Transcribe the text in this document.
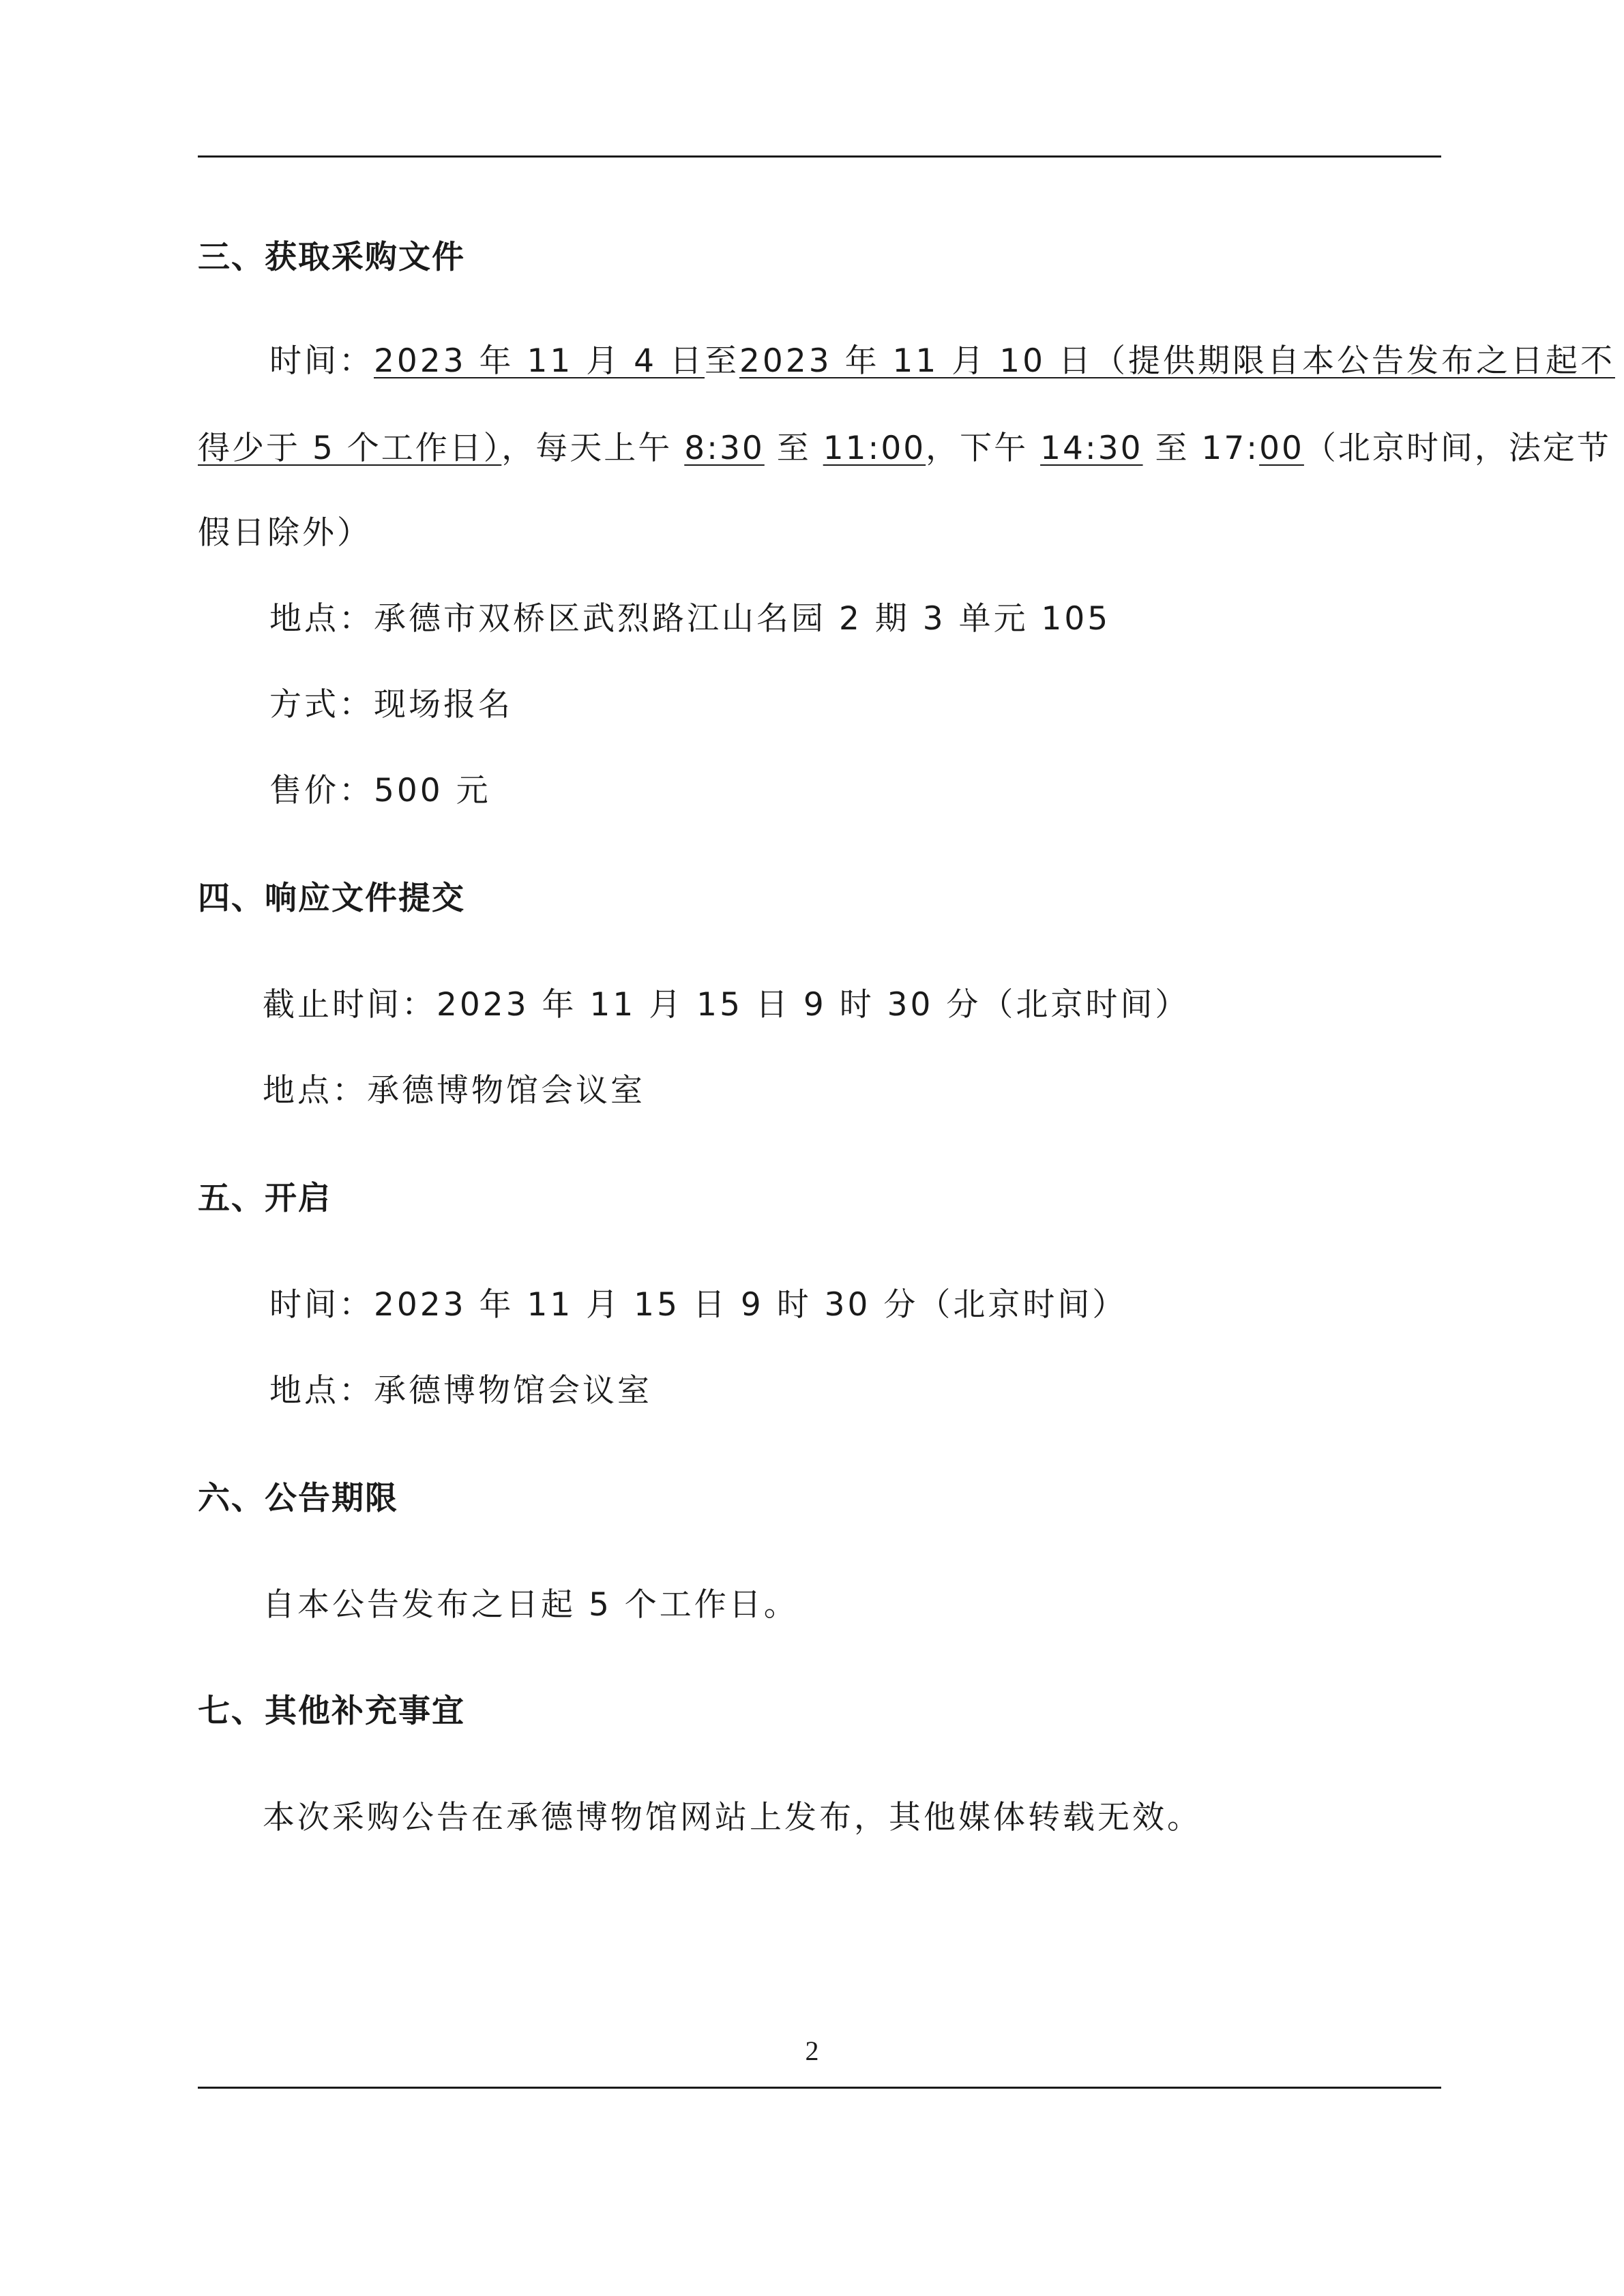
三、获取采购文件
时间：2023 年 11 月 4 日至2023 年 11 月 10 日（提供期限自本公告发布之日起不
得少于 5 个工作日），每天上午 8:30 至 11:00，下午 14:30 至 17:00（北京时间，法定节
假日除外）
地点：承德市双桥区武烈路江山名园 2 期 3 单元 105
方式：现场报名
售价：500 元
四、响应文件提交
截止时间：2023 年 11 月 15 日 9 时 30 分（北京时间）
地点：承德博物馆会议室
五、开启
时间：2023 年 11 月 15 日 9 时 30 分（北京时间）
地点：承德博物馆会议室
六、公告期限
自本公告发布之日起 5 个工作日。
七、其他补充事宜
本次采购公告在承德博物馆网站上发布，其他媒体转载无效。
2
